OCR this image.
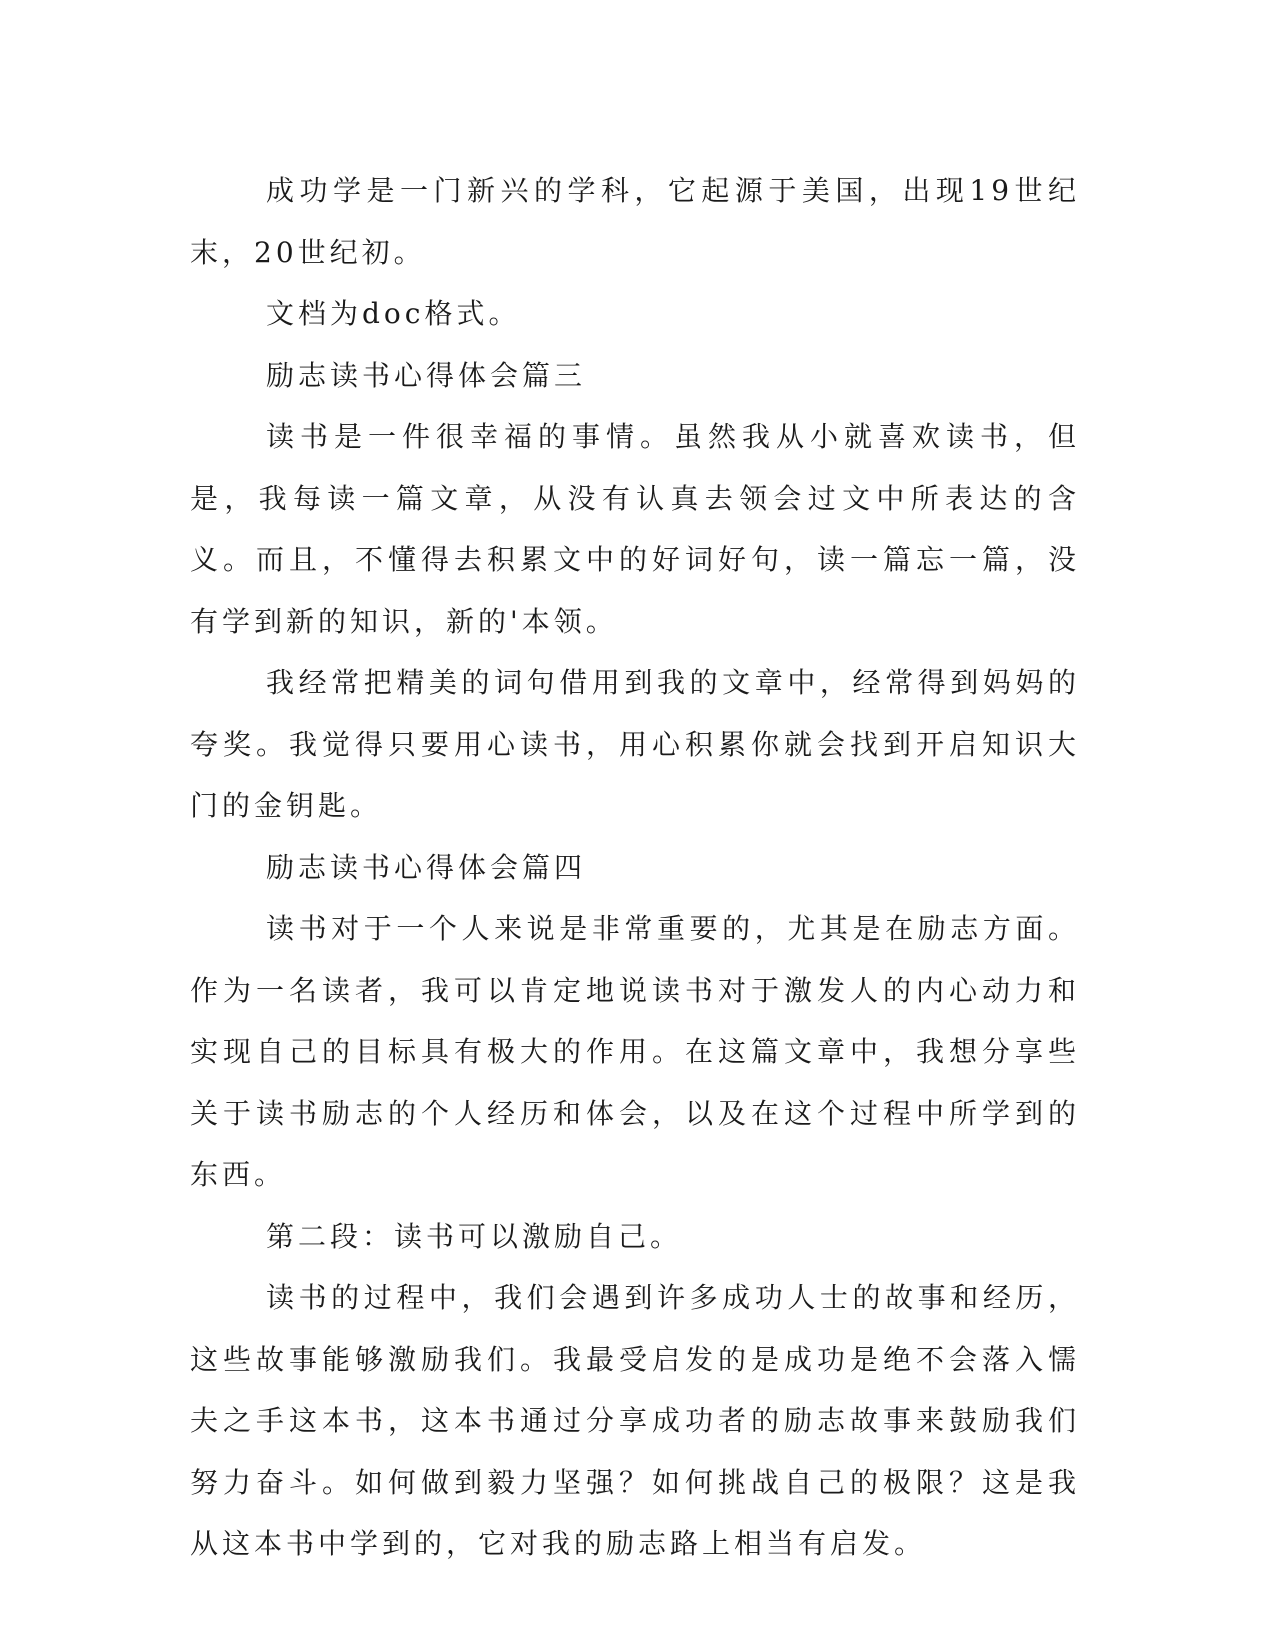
成功学是一门新兴的学科，它起源于美国，出现19世纪末，20世纪初。

文档为doc格式。

励志读书心得体会篇三

读书是一件很幸福的事情。虽然我从小就喜欢读书，但是，我每读一篇文章，从没有认真去领会过文中所表达的含义。而且，不懂得去积累文中的好词好句，读一篇忘一篇，没有学到新的知识，新的'本领。

我经常把精美的词句借用到我的文章中，经常得到妈妈的夸奖。我觉得只要用心读书，用心积累你就会找到开启知识大门的金钥匙。

励志读书心得体会篇四

读书对于一个人来说是非常重要的，尤其是在励志方面。作为一名读者，我可以肯定地说读书对于激发人的内心动力和实现自己的目标具有极大的作用。在这篇文章中，我想分享些关于读书励志的个人经历和体会，以及在这个过程中所学到的东西。

第二段：读书可以激励自己。

读书的过程中，我们会遇到许多成功人士的故事和经历，这些故事能够激励我们。我最受启发的是成功是绝不会落入懦夫之手这本书，这本书通过分享成功者的励志故事来鼓励我们努力奋斗。如何做到毅力坚强？如何挑战自己的极限？这是我从这本书中学到的，它对我的励志路上相当有启发。
